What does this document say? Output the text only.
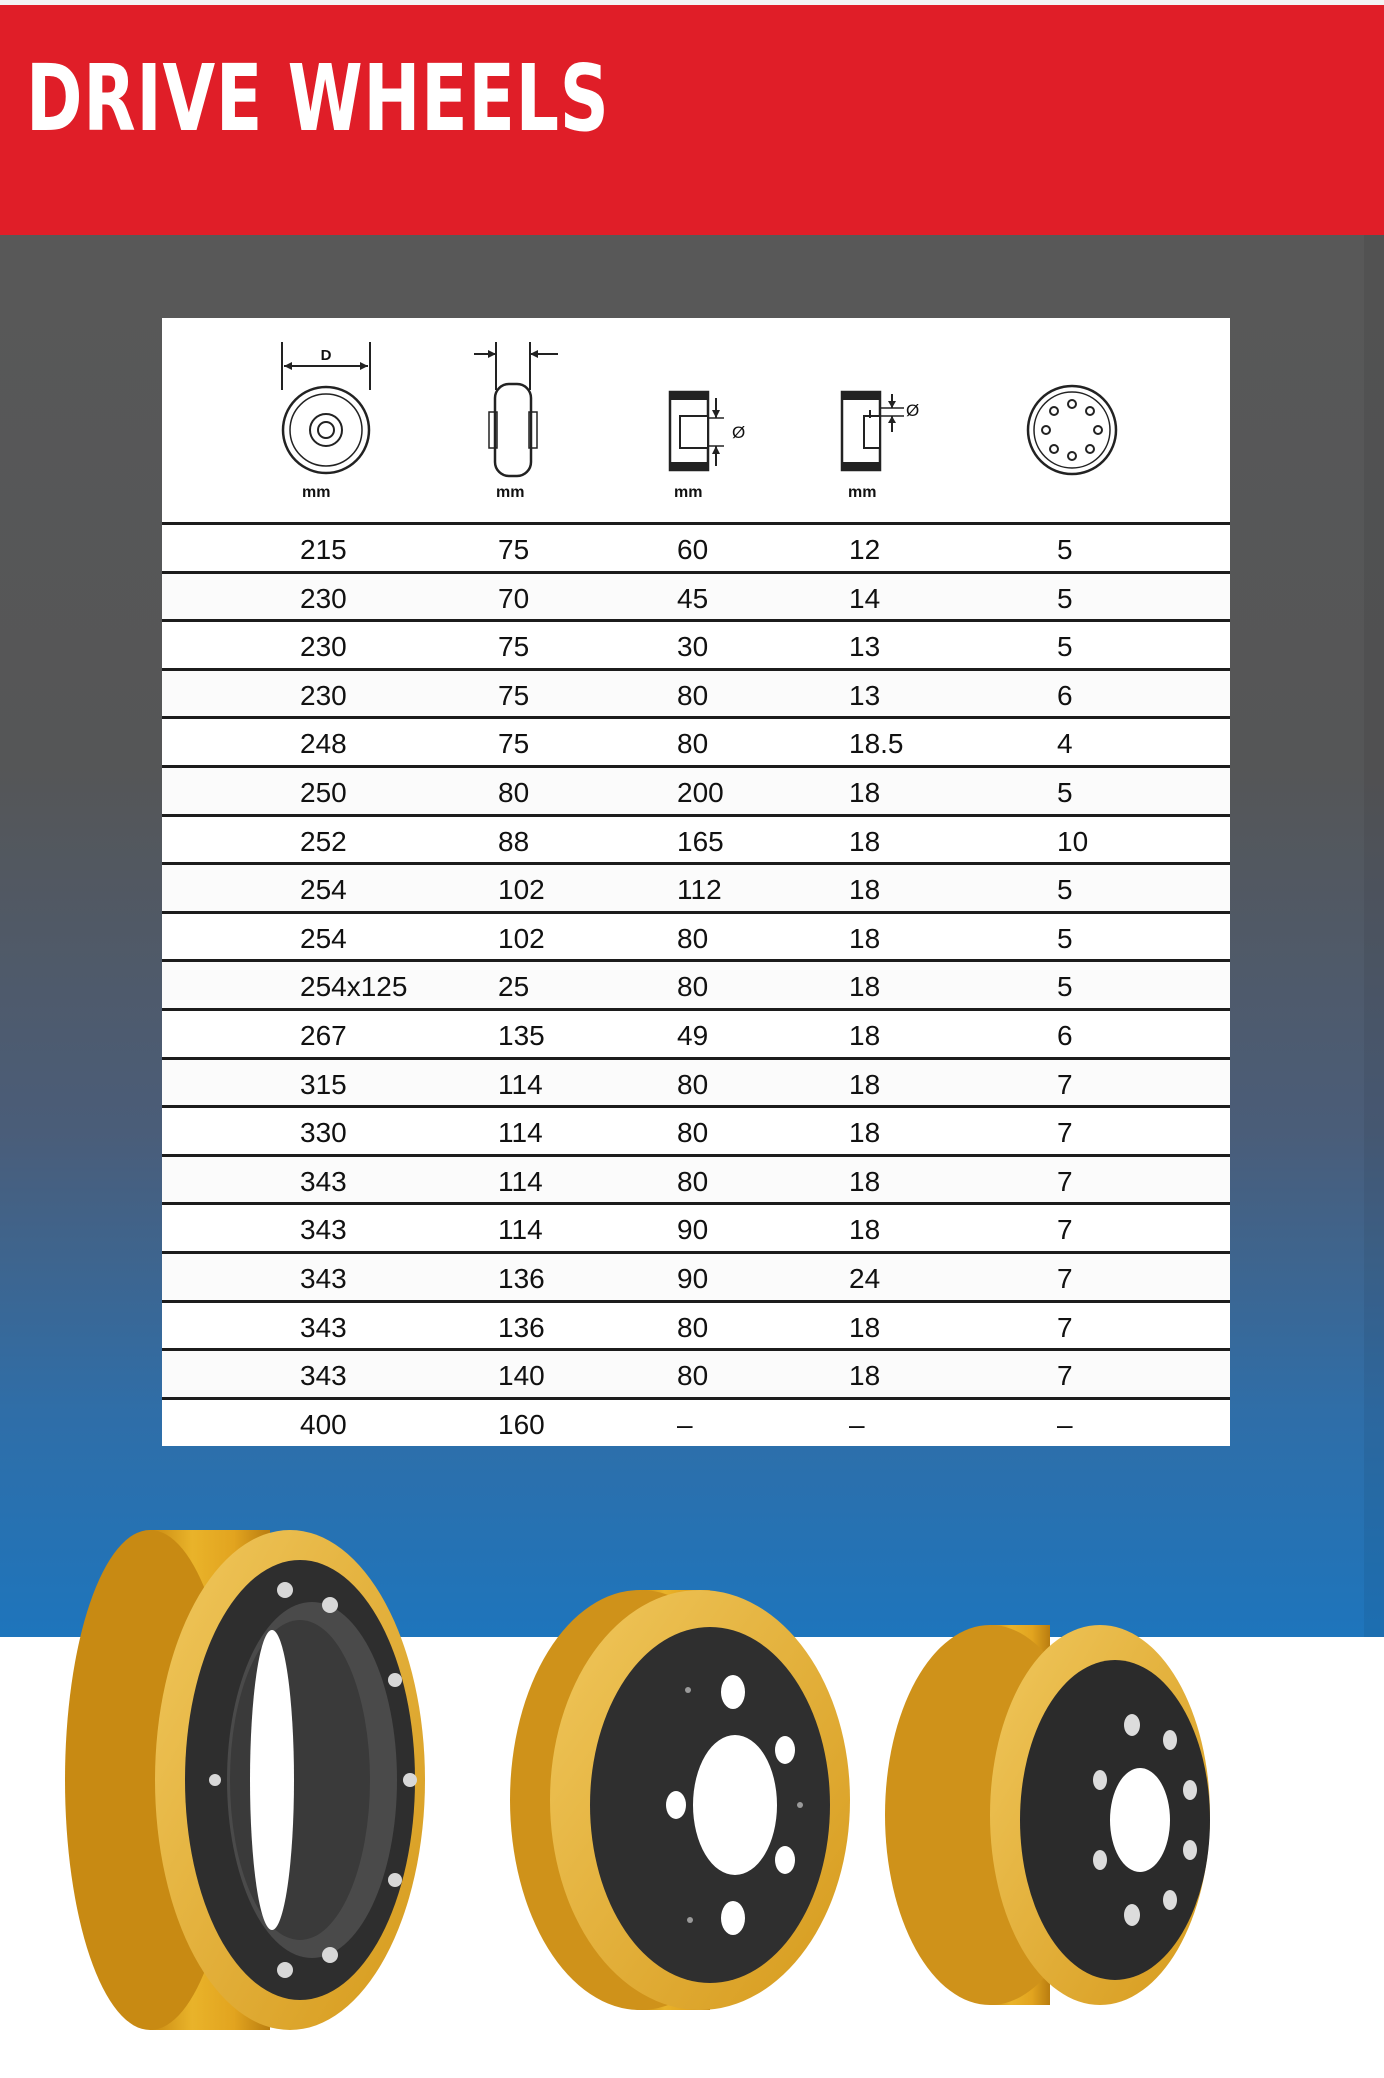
DRIVE WHEELS
D
mm	mm
Ø
mm
Ø
mm
215	75	60	12	5
230	70	45	14	5
230	75	30	13	5
230	75	80	13	6
248	75	80	18.5	4
250	80	200	18	5
252	88	165	18	10
254	102	112	18	5
254	102	80	18	5
254x125	25	80	18	5
267	135	49	18	6
315	114	80	18	7
330	114	80	18	7
343	114	80	18	7
343	114	90	18	7
343	136	90	24	7
343	136	80	18	7
343	140	80	18	7
400	160	–	–	–
